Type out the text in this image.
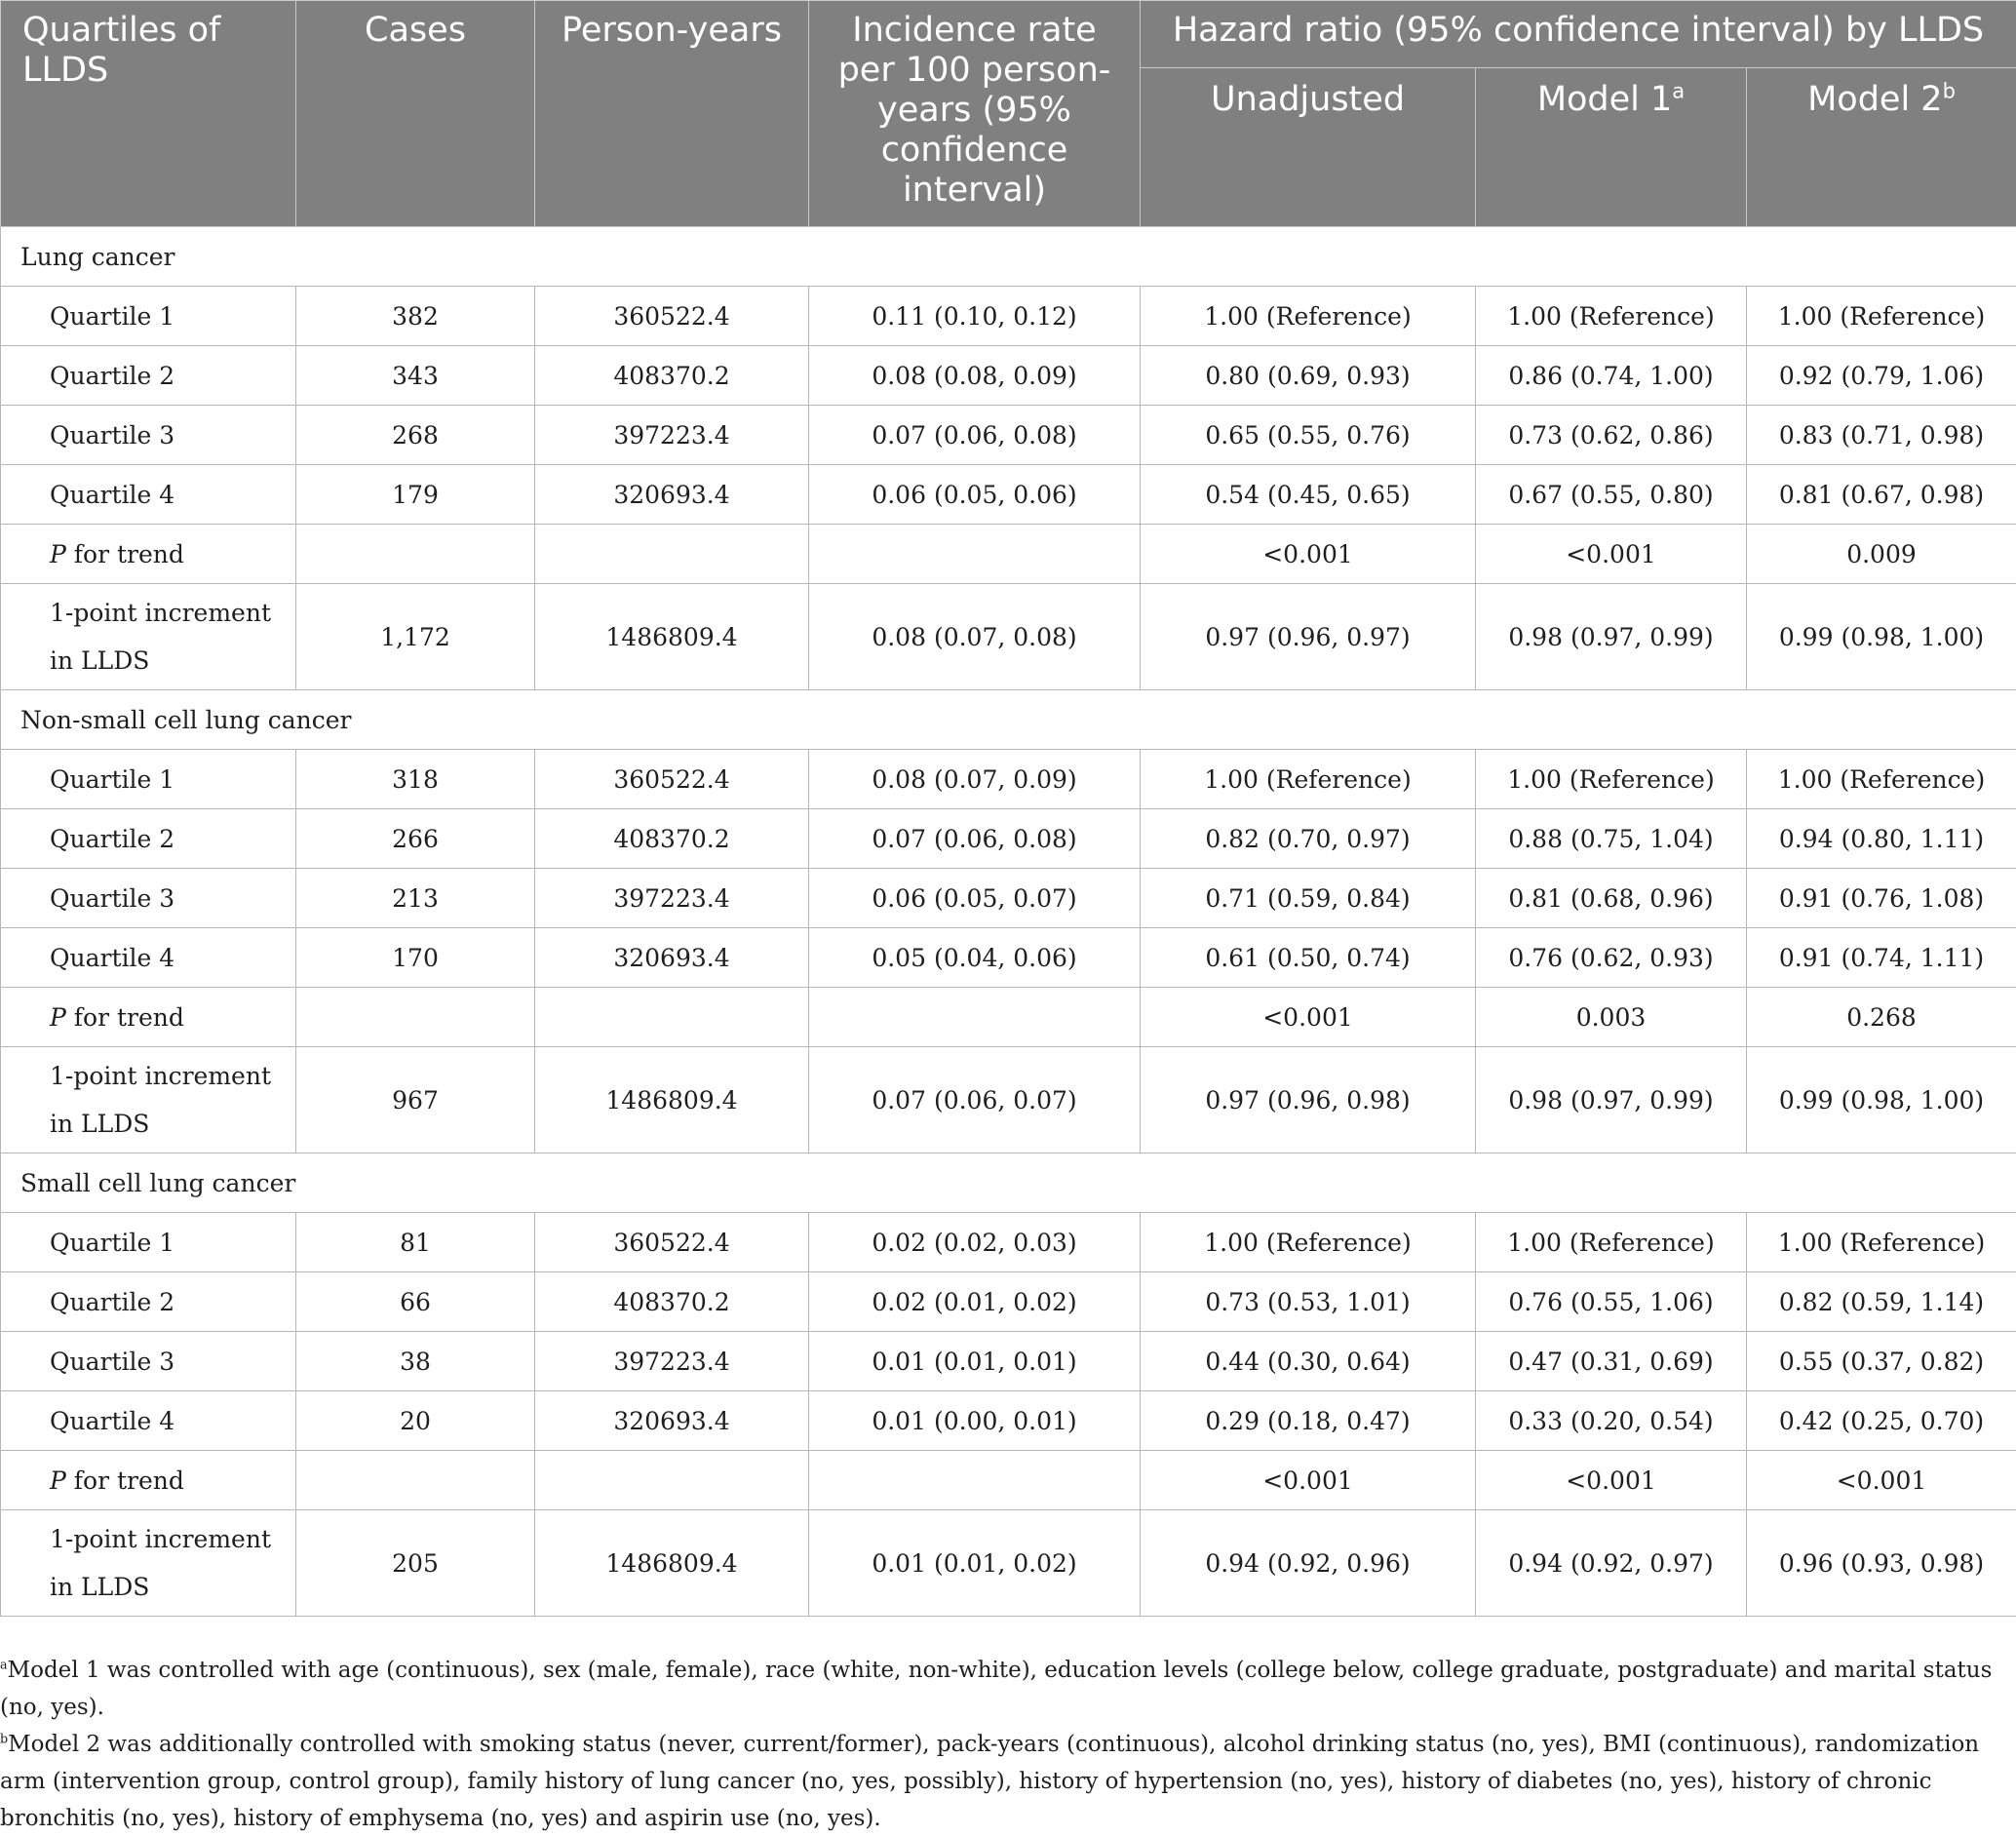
Quartiles of LLDS	Cases	Person-years	Incidence rate per 100 person-years (95% confidence interval)	Hazard ratio (95% confidence interval) by LLDS		
				Unadjusted	Model 1$^a$	Model 2$^b$
Lung cancer						
Quartile 1	382	360522.4	0.11 (0.10, 0.12)	1.00 (Reference)	1.00 (Reference)	1.00 (Reference)
Quartile 2	343	408370.2	0.08 (0.08, 0.09)	0.80 (0.69, 0.93)	0.86 (0.74, 1.00)	0.92 (0.79, 1.06)
Quartile 3	268	397223.4	0.07 (0.06, 0.08)	0.65 (0.55, 0.76)	0.73 (0.62, 0.86)	0.83 (0.71, 0.98)
Quartile 4	179	320693.4	0.06 (0.05, 0.06)	0.54 (0.45, 0.65)	0.67 (0.55, 0.80)	0.81 (0.67, 0.98)
P for trend				<0.001	<0.001	0.009

1-point increment
in LLDS	1,172	1486809.4	0.08 (0.07, 0.08)	0.97 (0.96, 0.97)	0.98 (0.97, 0.99)	0.99 (0.98, 1.00)
Non-small cell lung cancer						
Quartile 1	318	360522.4	0.08 (0.07, 0.09)	1.00 (Reference)	1.00 (Reference)	1.00 (Reference)
Quartile 2	266	408370.2	0.07 (0.06, 0.08)	0.82 (0.70, 0.97)	0.88 (0.75, 1.04)	0.94 (0.80, 1.11)
Quartile 3	213	397223.4	0.06 (0.05, 0.07)	0.71 (0.59, 0.84)	0.81 (0.68, 0.96)	0.91 (0.76, 1.08)
Quartile 4	170	320693.4	0.05 (0.04, 0.06)	0.61 (0.50, 0.74)	0.76 (0.62, 0.93)	0.91 (0.74, 1.11)
P for trend				<0.001	0.003	0.268

1-point increment
in LLDS	967	1486809.4	0.07 (0.06, 0.07)	0.97 (0.96, 0.98)	0.98 (0.97, 0.99)	0.99 (0.98, 1.00)
Small cell lung cancer						
Quartile 1	81	360522.4	0.02 (0.02, 0.03)	1.00 (Reference)	1.00 (Reference)	1.00 (Reference)
Quartile 2	66	408370.2	0.02 (0.01, 0.02)	0.73 (0.53, 1.01)	0.76 (0.55, 1.06)	0.82 (0.59, 1.14)
Quartile 3	38	397223.4	0.01 (0.01, 0.01)	0.44 (0.30, 0.64)	0.47 (0.31, 0.69)	0.55 (0.37, 0.82)
Quartile 4	20	320693.4	0.01 (0.00, 0.01)	0.29 (0.18, 0.47)	0.33 (0.20, 0.54)	0.42 (0.25, 0.70)
P for trend				<0.001	<0.001	<0.001

1-point increment
in LLDS	205	1486809.4	0.01 (0.01, 0.02)	0.94 (0.92, 0.96)	0.94 (0.92, 0.97)	0.96 (0.93, 0.98)

$^a$Model 1 was controlled with age (continuous), sex (male, female), race (white, non-white), education levels (college below, college graduate, postgraduate) and marital status (no, yes).

$^b$Model 2 was additionally controlled with smoking status (never, current/former), pack-years (continuous), alcohol drinking status (no, yes), BMI (continuous), randomization arm (intervention group, control group), family history of lung cancer (no, yes, possibly), history of hypertension (no, yes), history of diabetes (no, yes), history of chronic bronchitis (no, yes), history of emphysema (no, yes) and aspirin use (no, yes).
